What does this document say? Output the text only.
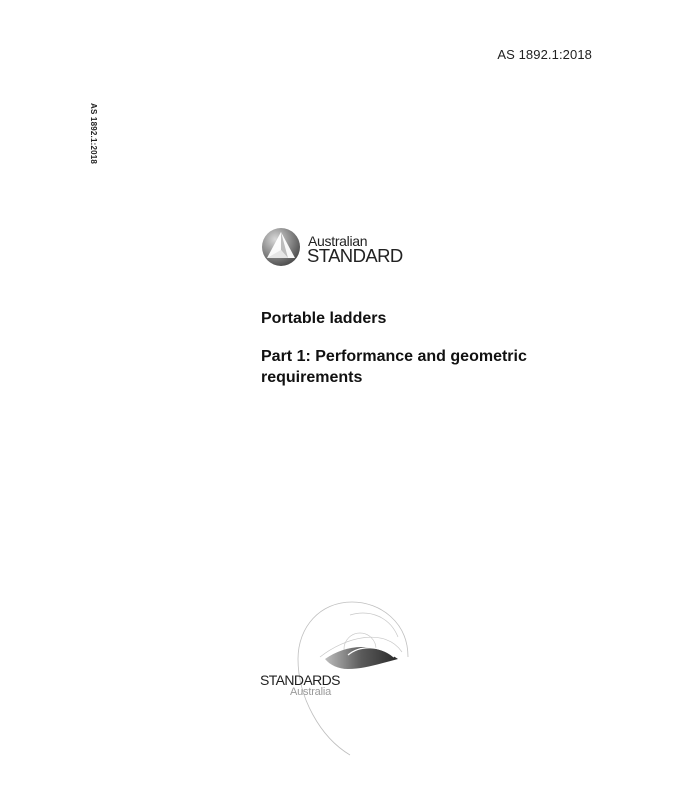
AS 1892.1:2018
AS 1892.1:2018
Australian
STANDARD
Portable ladders
Part 1: Performance and geometric requirements
STANDARDS
Australia
